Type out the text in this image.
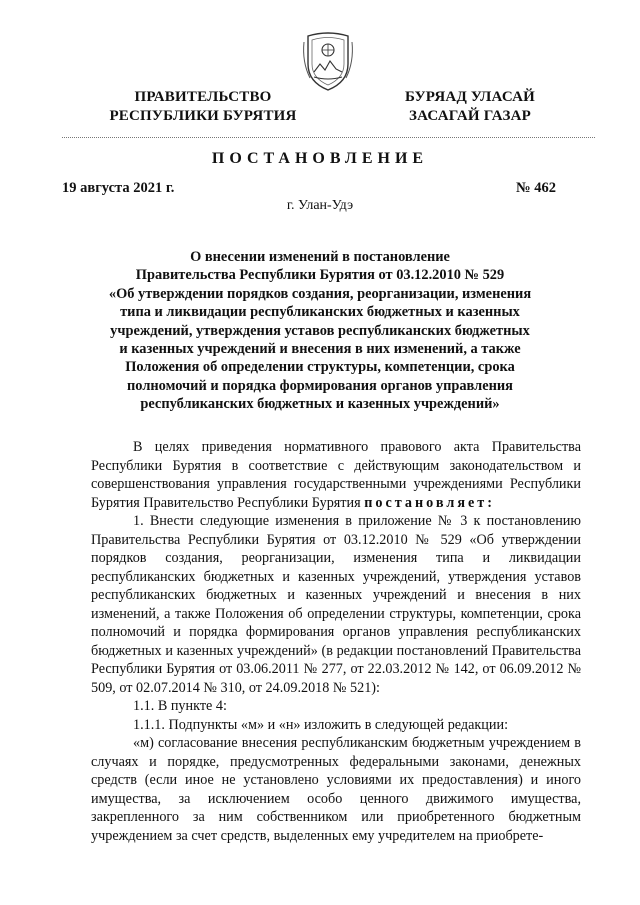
ПРАВИТЕЛЬСТВО
РЕСПУБЛИКИ БУРЯТИЯ
БУРЯАД УЛАСАЙ
ЗАСАГАЙ ГАЗАР
ПОСТАНОВЛЕНИЕ
19 августа 2021 г.	№ 462
г. Улан-Удэ
О внесении изменений в постановление
Правительства Республики Бурятия от 03.12.2010 № 529
«Об утверждении порядков создания, реорганизации, изменения
типа и ликвидации республиканских бюджетных и казенных
учреждений, утверждения уставов республиканских бюджетных
и казенных учреждений и внесения в них изменений, а также
Положения об определении структуры, компетенции, срока
полномочий и порядка формирования органов управления
республиканских бюджетных и казенных учреждений»

В целях приведения нормативного правового акта Правительства Республики Бурятия в соответствие с действующим законодательством и совершенствования управления государственными учреждениями Республики Бурятия Правительство Республики Бурятия постановляет:

1. Внести следующие изменения в приложение № 3 к постановлению Правительства Республики Бурятия от 03.12.2010 № 529 «Об утверждении порядков создания, реорганизации, изменения типа и ликвидации республиканских бюджетных и казенных учреждений, утверждения уставов республиканских бюджетных и казенных учреждений и внесения в них изменений, а также Положения об определении структуры, компетенции, срока полномочий и порядка формирования органов управления республиканских бюджетных и казенных учреждений» (в редакции постановлений Правительства Республики Бурятия от 03.06.2011 № 277, от 22.03.2012 № 142, от 06.09.2012 № 509, от 02.07.2014 № 310, от 24.09.2018 № 521):

1.1. В пункте 4:

1.1.1. Подпункты «м» и «н» изложить в следующей редакции:

«м) согласование внесения республиканским бюджетным учреждением в случаях и порядке, предусмотренных федеральными законами, денежных средств (если иное не установлено условиями их предоставления) и иного имущества, за исключением особо ценного движимого имущества, закрепленного за ним собственником или приобретенного бюджетным учреждением за счет средств, выделенных ему учредителем на приобрете-
